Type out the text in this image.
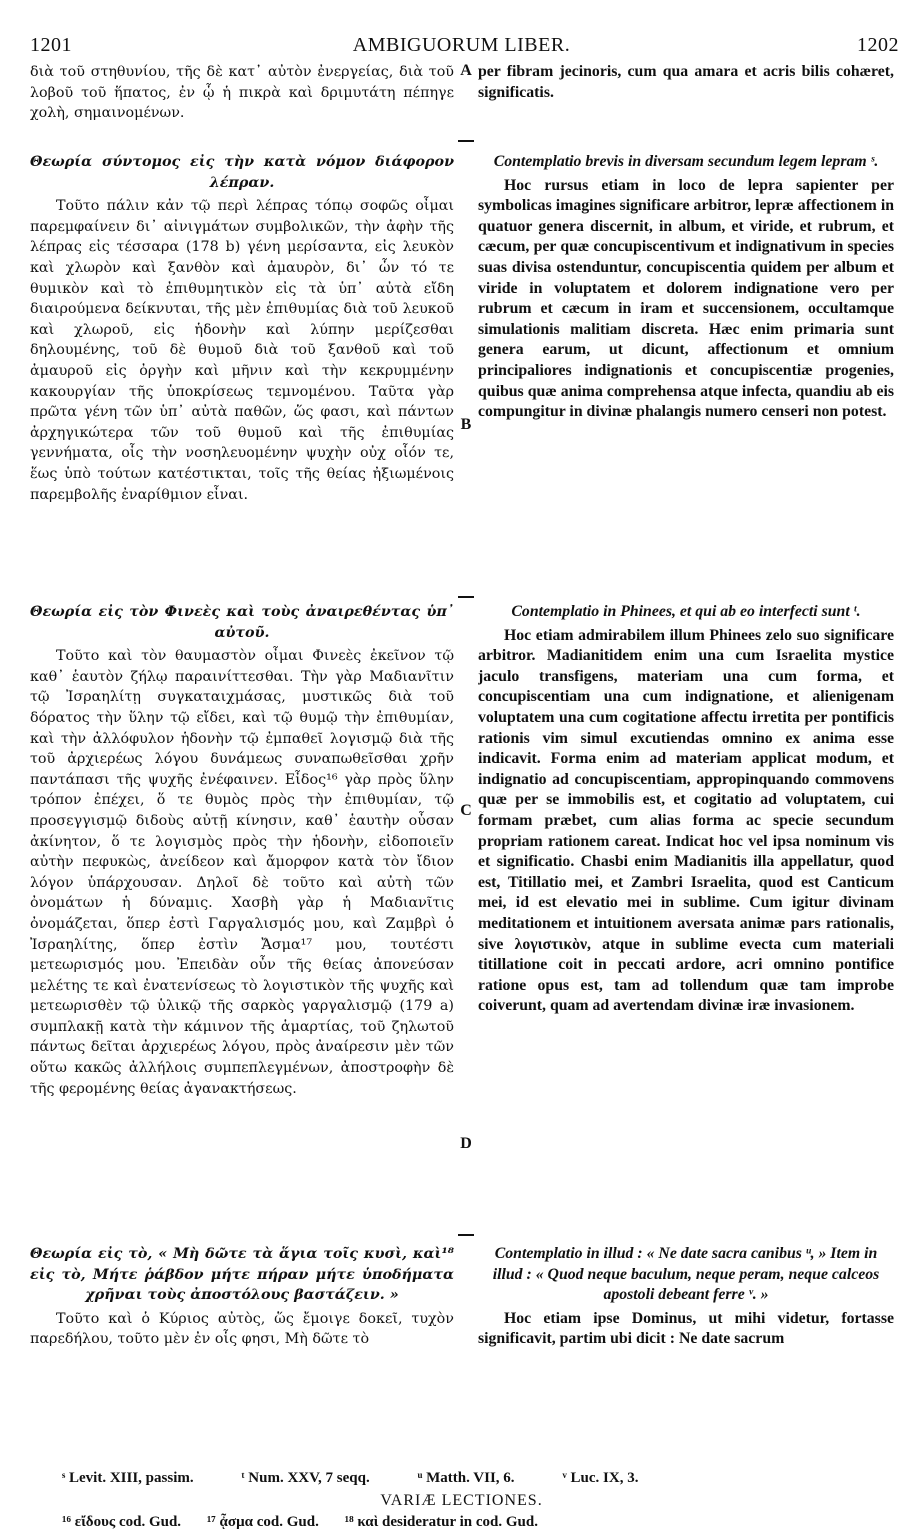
1201	AMBIGUORUM LIBER.	1202

διὰ τοῦ στηθυνίου, τῆς δὲ κατ᾽ αὐτὸν ἐνεργείας, διὰ τοῦ λοβοῦ τοῦ ἥπατος, ἐν ᾧ ἡ πικρὰ καὶ δριμυτάτη πέπηγε χολὴ, σημαινομένων.

Θεωρία σύντομος εἰς τὴν κατὰ νόμον διάφορον λέπραν.

Τοῦτο πάλιν κἀν τῷ περὶ λέπρας τόπῳ σοφῶς οἶμαι παρεμφαίνειν δι᾽ αἰνιγμάτων συμβολικῶν, τὴν ἀφὴν τῆς λέπρας εἰς τέσσαρα (178 b) γένη μερίσαντα, εἰς λευκὸν καὶ χλωρὸν καὶ ξανθὸν καὶ ἀμαυρὸν, δι᾽ ὧν τό τε θυμικὸν καὶ τὸ ἐπιθυμητικὸν εἰς τὰ ὑπ᾽ αὐτὰ εἴδη διαιρούμενα δείκνυται, τῆς μὲν ἐπιθυμίας διὰ τοῦ λευκοῦ καὶ χλωροῦ, εἰς ἡδονὴν καὶ λύπην μερίζεσθαι δηλουμένης, τοῦ δὲ θυμοῦ διὰ τοῦ ξανθοῦ καὶ τοῦ ἀμαυροῦ εἰς ὀργὴν καὶ μῆνιν καὶ τὴν κεκρυμμένην κακουργίαν τῆς ὑποκρίσεως τεμνομένου. Ταῦτα γὰρ πρῶτα γένη τῶν ὑπ᾽ αὐτὰ παθῶν, ὥς φασι, καὶ πάντων ἀρχηγικώτερα τῶν τοῦ θυμοῦ καὶ τῆς ἐπιθυμίας γεννήματα, οἷς τὴν νοσηλευομένην ψυχὴν οὐχ οἷόν τε, ἕως ὑπὸ τούτων κατέστικται, τοῖς τῆς θείας ἠξιωμένοις παρεμβολῆς ἐναρίθμιον εἶναι.

Θεωρία εἰς τὸν Φινεὲς καὶ τοὺς ἀναιρεθέντας ὑπ᾽ αὐτοῦ.

Τοῦτο καὶ τὸν θαυμαστὸν οἶμαι Φινεὲς ἐκεῖνον τῷ καθ᾽ ἑαυτὸν ζήλῳ παραινίττεσθαι. Τὴν γὰρ Μαδιανῖτιν τῷ Ἰσραηλίτῃ συγκαταιχμάσας, μυστικῶς διὰ τοῦ δόρατος τὴν ὕλην τῷ εἴδει, καὶ τῷ θυμῷ τὴν ἐπιθυμίαν, καὶ τὴν ἀλλόφυλον ἡδονὴν τῷ ἐμπαθεῖ λογισμῷ διὰ τῆς τοῦ ἀρχιερέως λόγου δυνάμεως συναπωθεῖσθαι χρῆν παντάπασι τῆς ψυχῆς ἐνέφαινεν. Εἶδος¹⁶ γὰρ πρὸς ὕλην τρόπον ἐπέχει, ὅ τε θυμὸς πρὸς τὴν ἐπιθυμίαν, τῷ προσεγγισμῷ διδοὺς αὐτῇ κίνησιν, καθ᾽ ἑαυτὴν οὖσαν ἀκίνητον, ὅ τε λογισμὸς πρὸς τὴν ἡδονὴν, εἰδοποιεῖν αὐτὴν πεφυκὼς, ἀνείδεον καὶ ἄμορφον κατὰ τὸν ἴδιον λόγον ὑπάρχουσαν. Δηλοῖ δὲ τοῦτο καὶ αὐτὴ τῶν ὀνομάτων ἡ δύναμις. Χασβὴ γὰρ ἡ Μαδιανῖτις ὀνομάζεται, ὅπερ ἐστὶ Γαργαλισμός μου, καὶ Ζαμβρὶ ὁ Ἰσραηλίτης, ὅπερ ἐστὶν Ἄσμα¹⁷ μου, τουτέστι μετεωρισμός μου. Ἐπειδὰν οὖν τῆς θείας ἀπονεύσαν μελέτης τε καὶ ἐνατενίσεως τὸ λογιστικὸν τῆς ψυχῆς καὶ μετεωρισθὲν τῷ ὑλικῷ τῆς σαρκὸς γαργαλισμῷ (179 a) συμπλακῇ κατὰ τὴν κάμινον τῆς ἁμαρτίας, τοῦ ζηλωτοῦ πάντως δεῖται ἀρχιερέως λόγου, πρὸς ἀναίρεσιν μὲν τῶν οὕτω κακῶς ἀλλήλοις συμπεπλεγμένων, ἀποστροφὴν δὲ τῆς φερομένης θείας ἀγανακτήσεως.

Θεωρία εἰς τὸ, « Μὴ δῶτε τὰ ἅγια τοῖς κυσὶ, καὶ¹⁸ εἰς τὸ, Μήτε ῥάβδον μήτε πήραν μήτε ὑποδήματα χρῆναι τοὺς ἀποστόλους βαστάζειν. »

Τοῦτο καὶ ὁ Κύριος αὐτὸς, ὥς ἔμοιγε δοκεῖ, τυχὸν παρεδήλου, τοῦτο μὲν ἐν οἷς φησι, Μὴ δῶτε τὸ

per fibram jecinoris, cum qua amara et acris bilis cohæret, significatis.

Contemplatio brevis in diversam secundum legem lepram ˢ.

Hoc rursus etiam in loco de lepra sapienter per symbolicas imagines significare arbitror, lepræ affectionem in quatuor genera discernit, in album, et viride, et rubrum, et cæcum, per quæ concupiscentivum et indignativum in species suas divisa ostenduntur, concupiscentia quidem per album et viride in voluptatem et dolorem indignatione vero per rubrum et cæcum in iram et succensionem, occultamque simulationis malitiam discreta. Hæc enim primaria sunt genera earum, ut dicunt, affectionum et omnium principaliores indignationis et concupiscentiæ progenies, quibus quæ anima comprehensa atque infecta, quandiu ab eis compungitur in divinæ phalangis numero censeri non potest.

Contemplatio in Phinees, et qui ab eo interfecti sunt ᵗ.

Hoc etiam admirabilem illum Phinees zelo suo significare arbitror. Madianitidem enim una cum Israelita mystice jaculo transfigens, materiam una cum forma, et concupiscentiam una cum indignatione, et alienigenam voluptatem una cum cogitatione affectu irretita per pontificis rationis vim simul excutiendas omnino ex anima esse indicavit. Forma enim ad materiam applicat modum, et indignatio ad concupiscentiam, appropinquando commovens quæ per se immobilis est, et cogitatio ad voluptatem, cui formam præbet, cum alias forma ac specie secundum propriam rationem careat. Indicat hoc vel ipsa nominum vis et significatio. Chasbi enim Madianitis illa appellatur, quod est, Titillatio mei, et Zambri Israelita, quod est Canticum mei, id est elevatio mei in sublime. Cum igitur divinam meditationem et intuitionem aversata animæ pars rationalis, sive λογιστικὸν, atque in sublime evecta cum materiali titillatione coit in peccati ardore, acri omnino pontifice ratione opus est, tam ad tollendum quæ tam improbe coiverunt, quam ad avertendam divinæ iræ invasionem.

Contemplatio in illud : « Ne date sacra canibus ᵘ, » Item in illud : « Quod neque baculum, neque peram, neque calceos apostoli debeant ferre ᵛ. »

Hoc etiam ipse Dominus, ut mihi videtur, fortasse significavit, partim ubi dicit : Ne date sacrum

A
B
C
D
ˢ Levit. XIII, passim.	ᵗ Num. XXV, 7 seqq.	ᵘ Matth. VII, 6.	ᵛ Luc. IX, 3.
VARIÆ LECTIONES.
¹⁶ εἴδους cod. Gud. ¹⁷ ᾆσμα cod. Gud. ¹⁸ καὶ desideratur in cod. Gud.
